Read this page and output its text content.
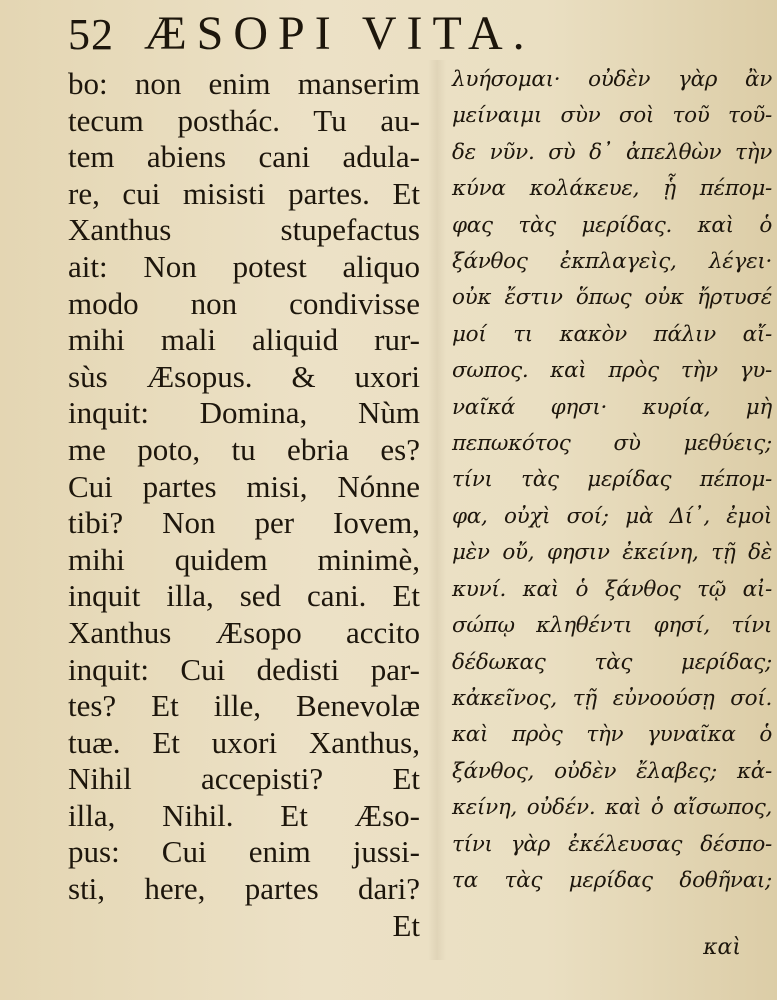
52 ÆSOPI VITA.
bo: non enim manserim
tecum posthác. Tu au-
tem abiens cani adula-
re, cui misisti partes. Et
Xanthus stupefactus
ait: Non potest aliquo
modo non condivisse
mihi mali aliquid rur-
sùs Æsopus. & uxori
inquit: Domina, Nùm
me poto, tu ebria es?
Cui partes misi, Nónne
tibi? Non per Iovem,
mihi quidem minimè,
inquit illa, sed cani. Et
Xanthus Æsopo accito
inquit: Cui dedisti par-
tes? Et ille, Benevolæ
tuæ. Et uxori Xanthus,
Nihil accepisti? Et
illa, Nihil. Et Æso-
pus: Cui enim jussi-
sti, here, partes dari?
Et
λυήσομαι· οὐδὲν γὰρ ἂν
μείναιμι σὺν σοὶ τοῦ τοῦ-
δε νῦν. σὺ δ᾽ ἀπελθὼν τὴν
κύνα κολάκευε, ᾗ πέπομ-
φας τὰς μερίδας. καὶ ὁ
ξάνθος ἐκπλαγεὶς, λέγει·
οὐκ ἔστιν ὅπως οὐκ ἤρτυσέ
μοί τι κακὸν πάλιν αἴ-
σωπος. καὶ πρὸς τὴν γυ-
ναῖκά φησι· κυρία, μὴ
πεπωκότος σὺ μεθύεις;
τίνι τὰς μερίδας πέπομ-
φα, οὐχὶ σοί; μὰ Δί᾽, ἐμοὶ
μὲν οὔ, φησιν ἐκείνη, τῇ δὲ
κυνί. καὶ ὁ ξάνθος τῷ αἰ-
σώπῳ κληθέντι φησί, τίνι
δέδωκας τὰς μερίδας;
κἀκεῖνος, τῇ εὐνοούσῃ σοί.
καὶ πρὸς τὴν γυναῖκα ὁ
ξάνθος, οὐδὲν ἔλαβες; κἀ-
κείνη, οὐδέν. καὶ ὁ αἴσωπος,
τίνι γὰρ ἐκέλευσας δέσπο-
τα τὰς μερίδας δοθῆναι;
καὶ
